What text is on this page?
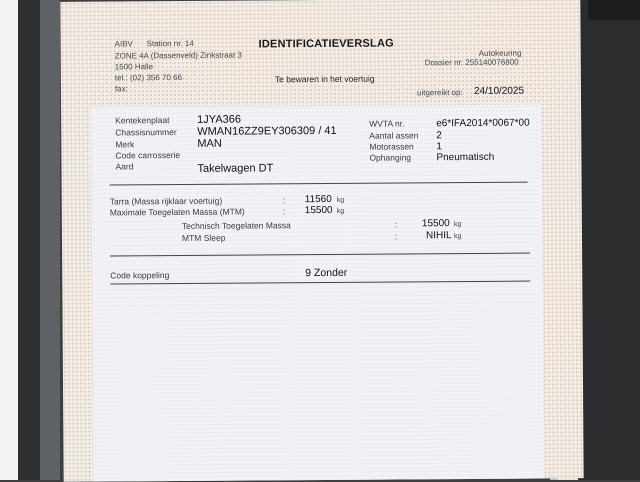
AIBV Station nr. 14
ZONE 4A (Dassenveld) Zinkstraat 3
1500 Halle
tel.: (02) 356 70 66
fax:
IDENTIFICATIEVERSLAG
Te bewaren in het voertuig
Autokeuring
Dossier nr. 255140076800
uitgereikt op: 24/10/2025
Kentekenplaat	1JYA366
Chassisnummer WMAN16ZZ9EY306309 / 41
Merk	MAN
Code carrosserie
Aard	Takelwagen DT
WVTA nr.	e6*IFA2014*0067*00
Aantal assen 2
Motorassen 1
Ophanging	Pneumatisch
Tarra (Massa rijklaar voertuig)	: 11560 kg
Maximale Toegelaten Massa (MTM)	: 15500 kg
Technisch Toegelaten Massa	: 15500 kg
MTM Sleep	:	NIHIL kg
Code koppeling	9 Zonder
